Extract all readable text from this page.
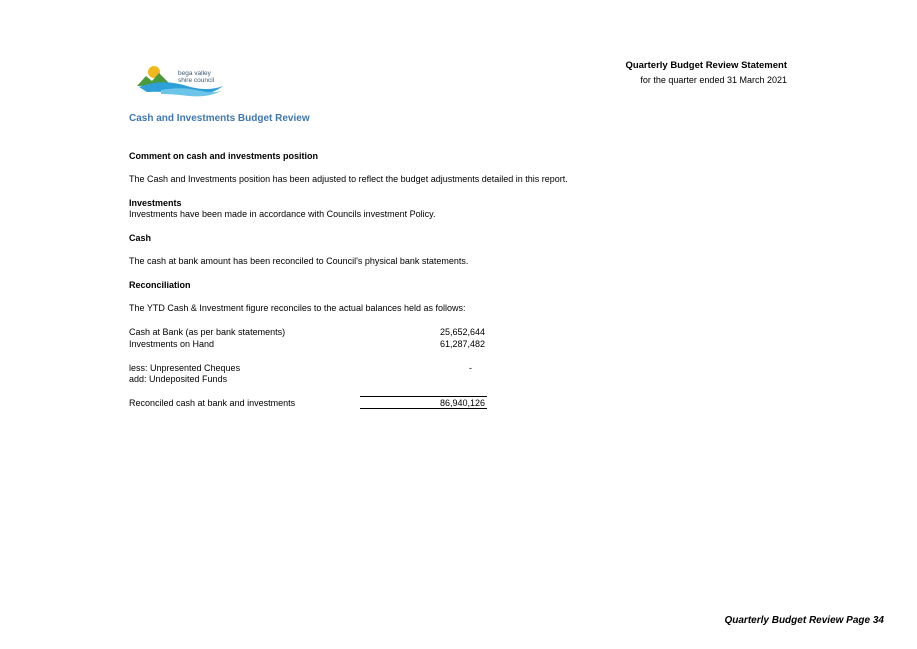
bega valley
shire council
Quarterly Budget Review Statement
for the quarter ended 31 March 2021
Cash and Investments Budget Review
Comment on cash and investments position
The Cash and Investments position has been adjusted to reflect the budget adjustments detailed in this report.
Investments
Investments have been made in accordance with Councils investment Policy.
Cash
The cash at bank amount has been reconciled to Council's physical bank statements.
Reconciliation
The YTD Cash & Investment figure reconciles to the actual balances held as follows:
Cash at Bank (as per bank statements)	25,652,644
Investments on Hand	61,287,482
less: Unpresented Cheques	-
add: Undeposited Funds
Reconciled cash at bank and investments	86,940,126
Quarterly Budget Review Page 34
